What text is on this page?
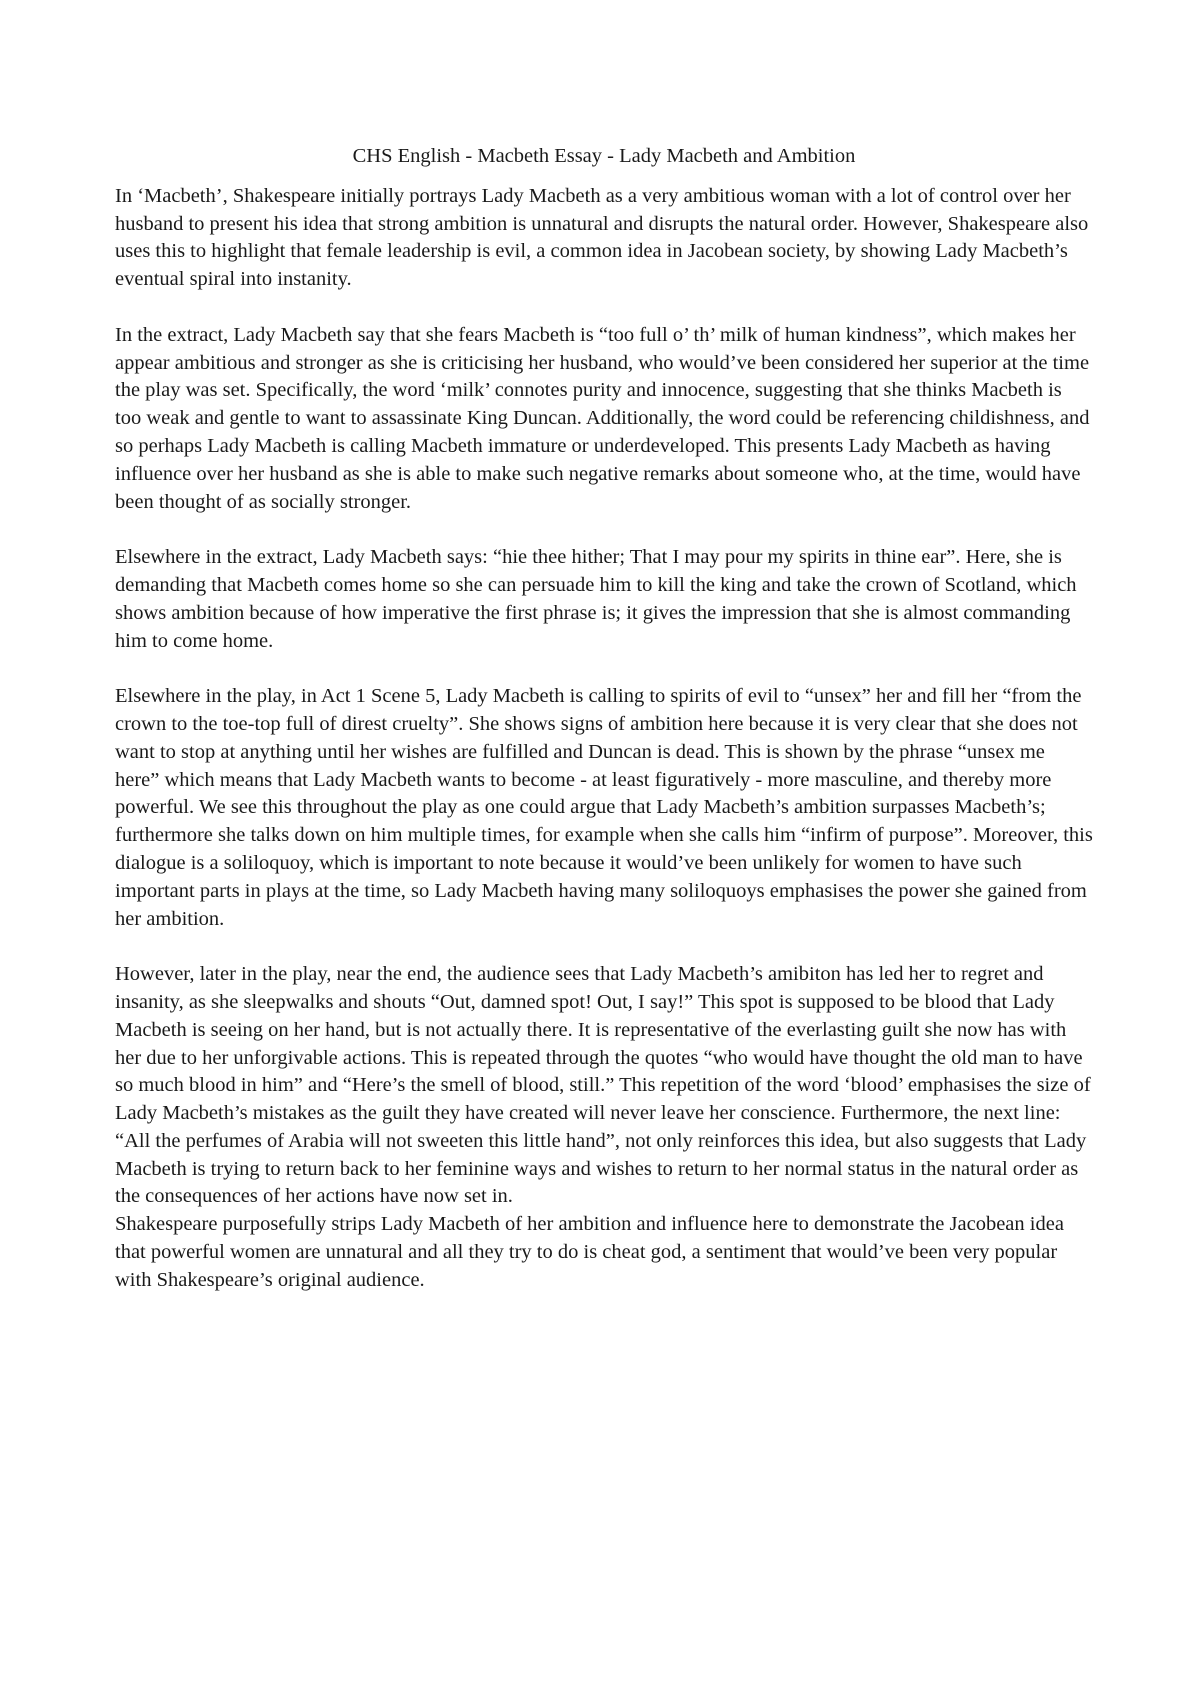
CHS English - Macbeth Essay - Lady Macbeth and Ambition

In ‘Macbeth’, Shakespeare initially portrays Lady Macbeth as a very ambitious woman with a lot of control over her husband to present his idea that strong ambition is unnatural and disrupts the natural order. However, Shakespeare also uses this to highlight that female leadership is evil, a common idea in Jacobean society, by showing Lady Macbeth’s eventual spiral into instanity.

In the extract, Lady Macbeth say that she fears Macbeth is “too full o’ th’ milk of human kindness”, which makes her appear ambitious and stronger as she is criticising her husband, who would’ve been considered her superior at the time the play was set. Specifically, the word ‘milk’ connotes purity and innocence, suggesting that she thinks Macbeth is too weak and gentle to want to assassinate King Duncan. Additionally, the word could be referencing childishness, and so perhaps Lady Macbeth is calling Macbeth immature or underdeveloped. This presents Lady Macbeth as having influence over her husband as she is able to make such negative remarks about someone who, at the time, would have been thought of as socially stronger.

Elsewhere in the extract, Lady Macbeth says: “hie thee hither; That I may pour my spirits in thine ear”. Here, she is demanding that Macbeth comes home so she can persuade him to kill the king and take the crown of Scotland, which shows ambition because of how imperative the first phrase is; it gives the impression that she is almost commanding him to come home.

Elsewhere in the play, in Act 1 Scene 5, Lady Macbeth is calling to spirits of evil to “unsex” her and fill her “from the crown to the toe-top full of direst cruelty”. She shows signs of ambition here because it is very clear that she does not want to stop at anything until her wishes are fulfilled and Duncan is dead. This is shown by the phrase “unsex me here” which means that Lady Macbeth wants to become - at least figuratively - more masculine, and thereby more powerful. We see this throughout the play as one could argue that Lady Macbeth’s ambition surpasses Macbeth’s; furthermore she talks down on him multiple times, for example when she calls him “infirm of purpose”. Moreover, this dialogue is a soliloquoy, which is important to note because it would’ve been unlikely for women to have such important parts in plays at the time, so Lady Macbeth having many soliloquoys emphasises the power she gained from her ambition.

However, later in the play, near the end, the audience sees that Lady Macbeth’s amibiton has led her to regret and insanity, as she sleepwalks and shouts “Out, damned spot! Out, I say!” This spot is supposed to be blood that Lady Macbeth is seeing on her hand, but is not actually there. It is representative of the everlasting guilt she now has with her due to her unforgivable actions. This is repeated through the quotes “who would have thought the old man to have so much blood in him” and “Here’s the smell of blood, still.” This repetition of the word ‘blood’ emphasises the size of Lady Macbeth’s mistakes as the guilt they have created will never leave her conscience. Furthermore, the next line: “All the perfumes of Arabia will not sweeten this little hand”, not only reinforces this idea, but also suggests that Lady Macbeth is trying to return back to her feminine ways and wishes to return to her normal status in the natural order as the consequences of her actions have now set in.

Shakespeare purposefully strips Lady Macbeth of her ambition and influence here to demonstrate the Jacobean idea that powerful women are unnatural and all they try to do is cheat god, a sentiment that would’ve been very popular with Shakespeare’s original audience.
